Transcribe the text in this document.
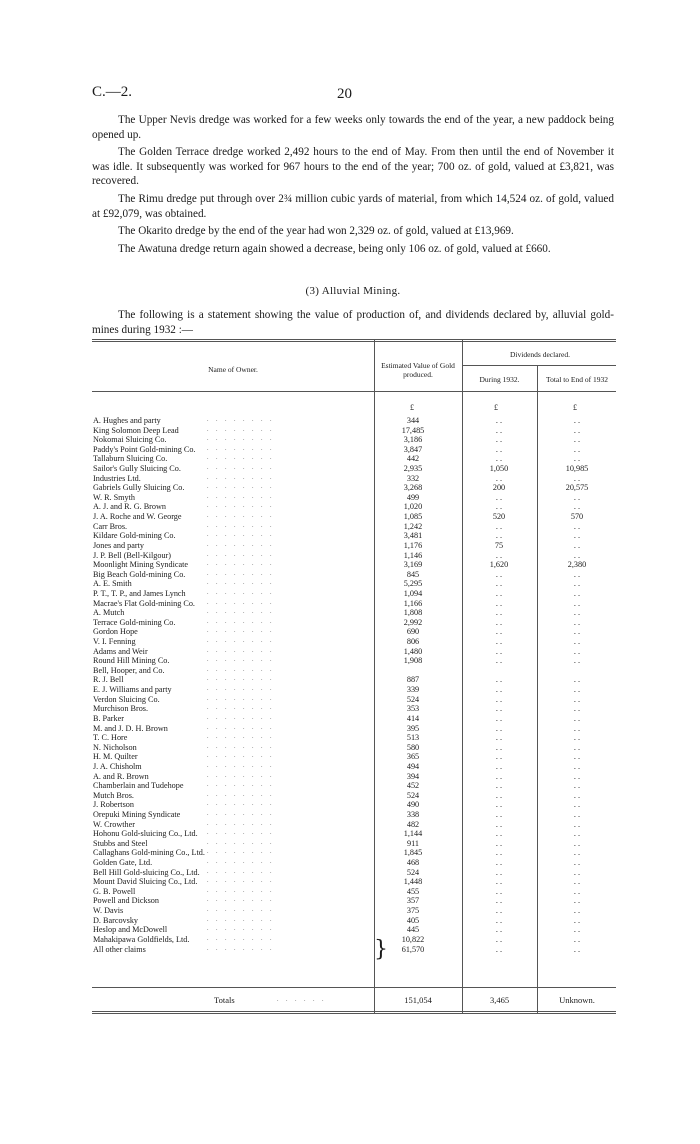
C.—2.	20

The Upper Nevis dredge was worked for a few weeks only towards the end of the year, a new paddock being opened up.

The Golden Terrace dredge worked 2,492 hours to the end of May. From then until the end of November it was idle. It subsequently was worked for 967 hours to the end of the year; 700 oz. of gold, valued at £3,821, was recovered.

The Rimu dredge put through over 2¾ million cubic yards of material, from which 14,524 oz. of gold, valued at £92,079, was obtained.

The Okarito dredge by the end of the year had won 2,329 oz. of gold, valued at £13,969.

The Awatuna dredge return again showed a decrease, being only 106 oz. of gold, valued at £660.

(3) Alluvial Mining.

The following is a statement showing the value of production of, and dividends declared by, alluvial gold-mines during 1932 :—

Name of Owner.	Estimated Value of Gold produced.
Dividends declared.
During 1932.	Total to End of 1932
£	£	£
A. Hughes and party	. . . . . . . .	344	. .	. .
King Solomon Deep Lead	. . . . . . . .	17,485	. .	. .
Nokomai Sluicing Co.	. . . . . . . .	3,186	. .	. .
Paddy's Point Gold-mining Co. . . . . . . . .	3,847	. .	. .
Tallaburn Sluicing Co.	. . . . . . . .	442	. .	. .
Sailor's Gully Sluicing Co.	. . . . . . . .	2,935	1,050	10,985
Industries Ltd.	. . . . . . . .	332	. .	. .
Gabriels Gully Sluicing Co.	. . . . . . . .	3,268	200	20,575
W. R. Smyth	. . . . . . . .	499	. .	. .
A. J. and R. G. Brown	. . . . . . . .	1,020	. .	. .
J. A. Roche and W. George	. . . . . . . .	1,085	520	570
Carr Bros.	. . . . . . . .	1,242	. .	. .
Kildare Gold-mining Co.	. . . . . . . .	3,481	. .	. .
Jones and party	. . . . . . . .	1,176	75	. .
J. P. Bell (Bell-Kilgour)	. . . . . . . .	1,146	. .	. .
Moonlight Mining Syndicate	. . . . . . . .	3,169	1,620	2,380
Big Beach Gold-mining Co.	. . . . . . . .	845	. .	. .
A. E. Smith	. . . . . . . .	5,295	. .	. .
P. T., T. P., and James Lynch	. . . . . . . .	1,094	. .	. .
Macrae's Flat Gold-mining Co. . . . . . . . .	1,166	. .	. .
A. Mutch	. . . . . . . .	1,808	. .	. .
Terrace Gold-mining Co.	. . . . . . . .	2,992	. .	. .
Gordon Hope	. . . . . . . .	690	. .	. .
V. I. Fenning	. . . . . . . .	806	. .	. .
Adams and Weir	. . . . . . . .	1,480	. .	. .
Round Hill Mining Co.	. . . . . . . .	1,908	. .	. .
Bell, Hooper, and Co.	. . . . . . . .
R. J. Bell	. . . . . . . .	887	. .	. .
E. J. Williams and party	. . . . . . . .	339	. .	. .
Verdon Sluicing Co.	. . . . . . . .	524	. .	. .
Murchison Bros.	. . . . . . . .	353	. .	. .
B. Parker	. . . . . . . .	414	. .	. .
M. and J. D. H. Brown	. . . . . . . .	395	. .	. .
T. C. Hore	. . . . . . . .	513	. .	. .
N. Nicholson	. . . . . . . .	580	. .	. .
H. M. Quilter	. . . . . . . .	365	. .	. .
J. A. Chisholm	. . . . . . . .	494	. .	. .
A. and R. Brown	. . . . . . . .	394	. .	. .
Chamberlain and Tudehope	. . . . . . . .	452	. .	. .
Mutch Bros.	. . . . . . . .	524	. .	. .
J. Robertson	. . . . . . . .	490	. .	. .
Orepuki Mining Syndicate	. . . . . . . .	338	. .	. .
W. Crowther	. . . . . . . .	482	. .	. .
Hohonu Gold-sluicing Co., Ltd. . . . . . . . .	1,144	. .	. .
Stubbs and Steel	. . . . . . . .	911	. .	. .
Callaghans Gold-mining Co., Ltd. . . . . . . . .	1,845	. .	. .
Golden Gate, Ltd.	. . . . . . . .	468	. .	. .
Bell Hill Gold-sluicing Co., Ltd. . . . . . . . .	524	. .	. .
Mount David Sluicing Co., Ltd. . . . . . . . .	1,448	. .	. .
G. B. Powell	. . . . . . . .	455	. .	. .
Powell and Dickson	. . . . . . . .	357	. .	. .
W. Davis	. . . . . . . .	375	. .	. .
D. Barcovsky	. . . . . . . .	405	. .	. .
Heslop and McDowell	. . . . . . . .	445	. .	. .
Mahakipawa Goldfields, Ltd.	. . . . . . . .	10,822	. .	. .
All other claims	. . . . . . . .	61,570	. .	. .
}
Totals	. . . . . .	151,054	3,465	Unknown.
